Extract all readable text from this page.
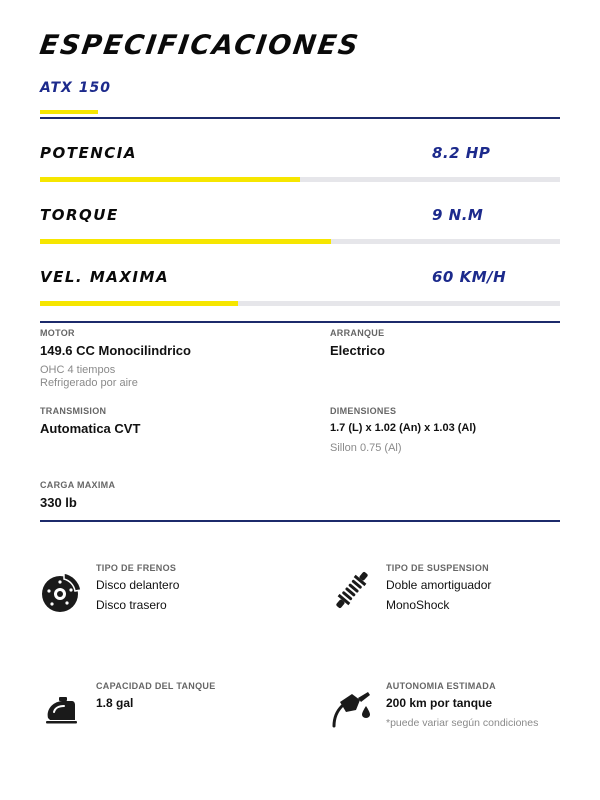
ESPECIFICACIONES
ATX 150
POTENCIA	8.2 HP
TORQUE	9 N.M
VEL. MAXIMA	60 KM/H
MOTOR
149.6 CC Monocilindrico
OHC 4 tiempos
Refrigerado por aire
ARRANQUE
Electrico
TRANSMISION
Automatica CVT
DIMENSIONES
1.7 (L) x 1.02 (An) x 1.03 (Al)
Sillon 0.75 (Al)
CARGA MAXIMA
330 lb
TIPO DE FRENOS
Disco delantero
Disco trasero
TIPO DE SUSPENSION
Doble amortiguador
MonoShock
CAPACIDAD DEL TANQUE
1.8 gal
AUTONOMIA ESTIMADA
200 km por tanque
*puede variar según condiciones
